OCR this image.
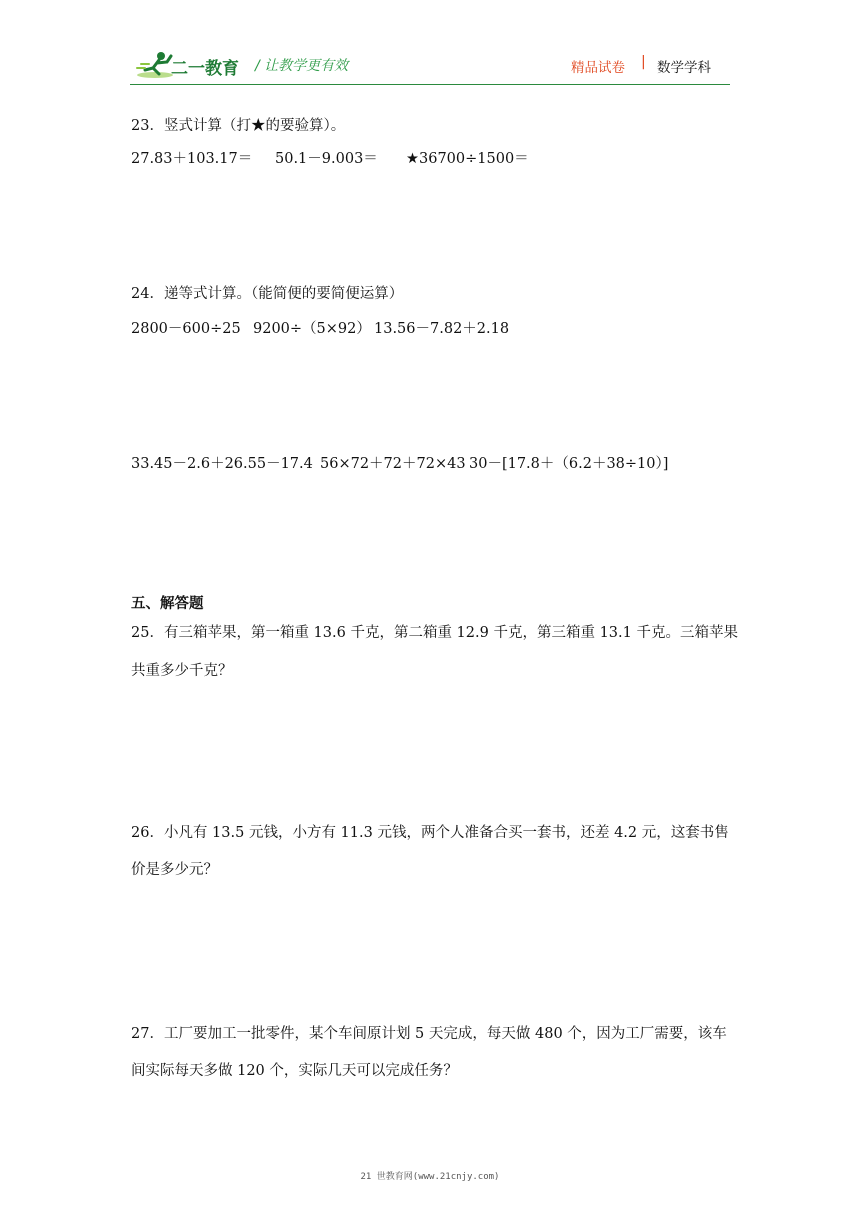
二一教育 / 让教学更有效	精品试卷 | 数学学科
23．竖式计算（打★的要验算）。
27.83＋103.17＝ 50.1－9.003＝ ★36700÷1500＝
24．递等式计算。（能简便的要简便运算）
2800－600÷25 9200÷（5×92） 13.56－7.82＋2.18
33.45－2.6＋26.55－17.4 56×72＋72＋72×43 30－[17.8＋（6.2＋38÷10）]
五、解答题
25．有三箱苹果，第一箱重 13.6 千克，第二箱重 12.9 千克，第三箱重 13.1 千克。三箱苹果
共重多少千克？
26．小凡有 13.5 元钱，小方有 11.3 元钱，两个人准备合买一套书，还差 4.2 元，这套书售
价是多少元？
27．工厂要加工一批零件，某个车间原计划 5 天完成，每天做 480 个，因为工厂需要，该车
间实际每天多做 120 个，实际几天可以完成任务？
21 世教育网(www.21cnjy.com)
